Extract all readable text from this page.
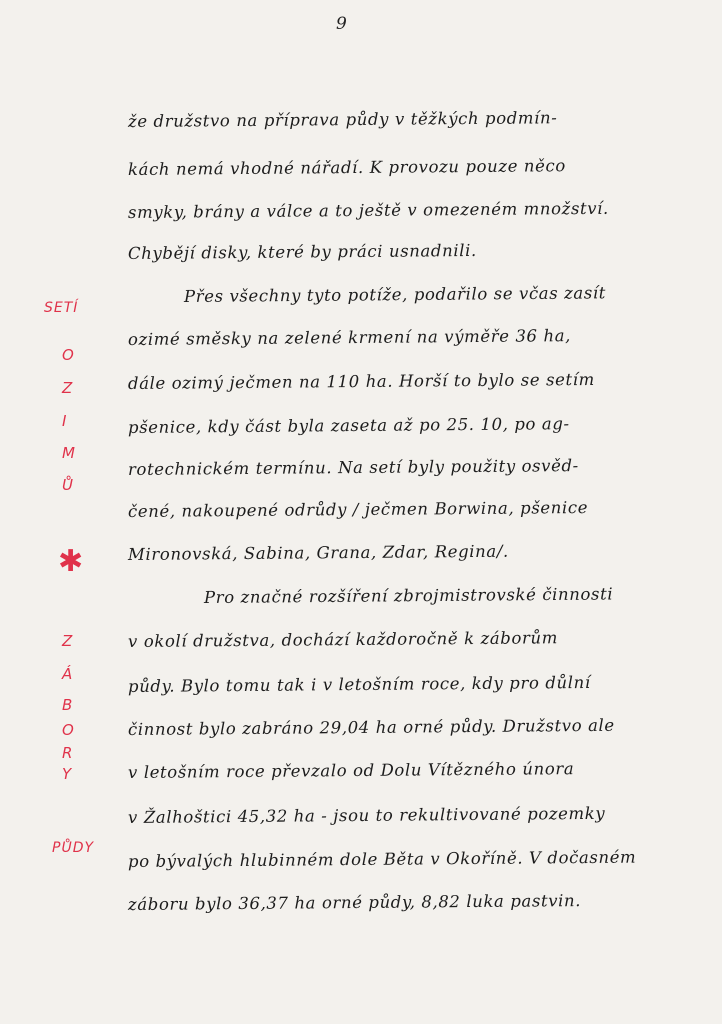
9
SETÍ
O
Z
I
M
Ů
✱
Z
Á
B
O
R
Y
PŮDY
že družstvo na příprava půdy v těžkých podmín-
kách nemá vhodné nářadí. K provozu pouze něco
smyky, brány a válce a to ještě v omezeném množství.
Chybějí disky, které by práci usnadnili.
Přes všechny tyto potíže, podařilo se včas zasít
ozimé směsky na zelené krmení na výměře 36 ha,
dále ozimý ječmen na 110 ha. Horší to bylo se setím
pšenice, kdy část byla zaseta až po 25. 10, po ag-
rotechnickém termínu. Na setí byly použity osvěd-
čené, nakoupené odrůdy / ječmen Borwina, pšenice
Mironovská, Sabina, Grana, Zdar, Regina/.
Pro značné rozšíření zbrojmistrovské činnosti
v okolí družstva, dochází každoročně k záborům
půdy. Bylo tomu tak i v letošním roce, kdy pro důlní
činnost bylo zabráno 29,04 ha orné půdy. Družstvo ale
v letošním roce převzalo od Dolu Vítězného února
v Žalhoštici 45,32 ha - jsou to rekultivované pozemky
po bývalých hlubinném dole Běta v Okoříně. V dočasném
záboru bylo 36,37 ha orné půdy, 8,82 luka pastvin.
